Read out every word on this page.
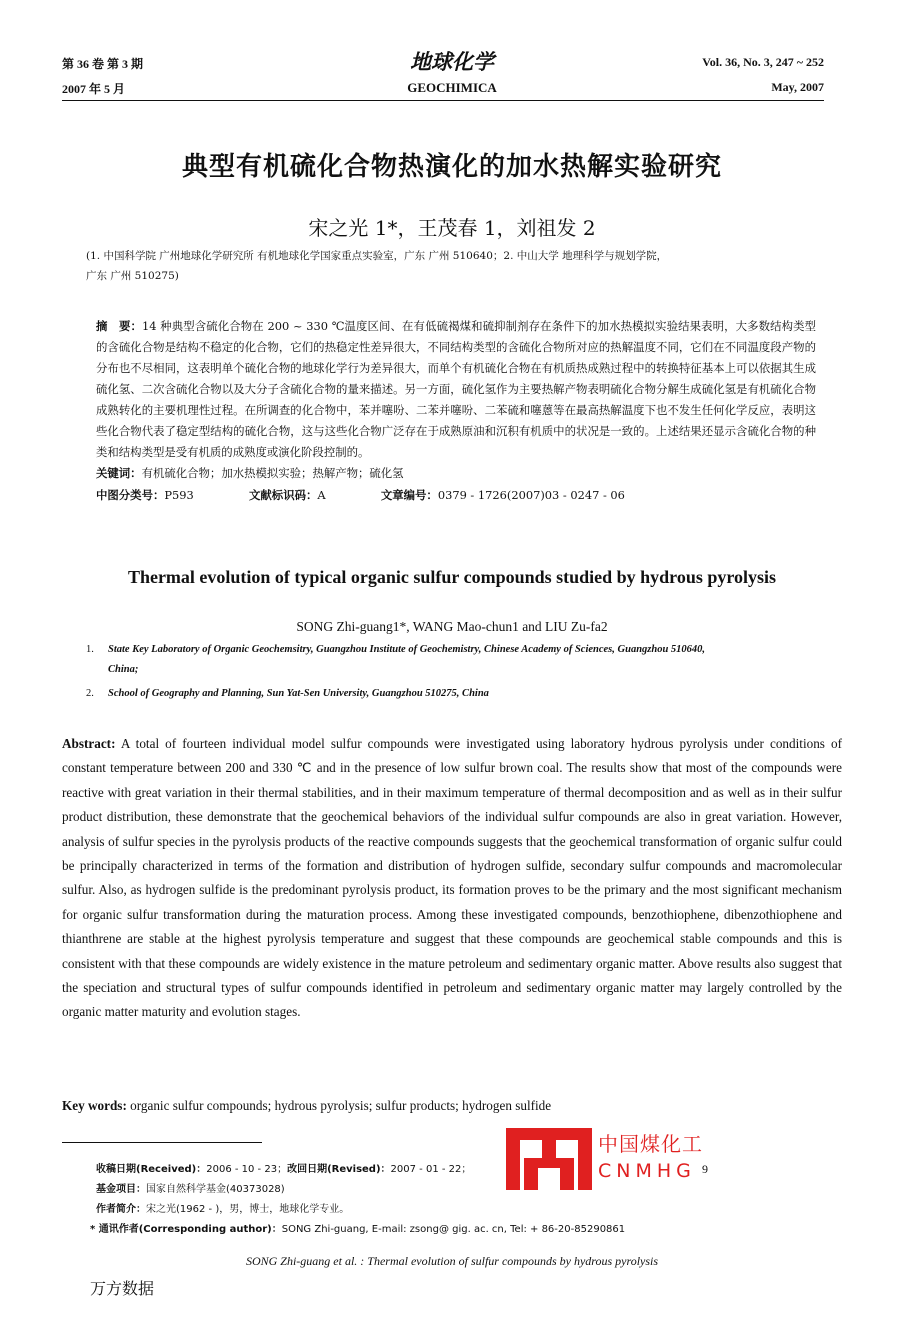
第 36 卷 第 3 期
2007 年 5 月
地球化学
GEOCHIMICA
Vol. 36, No. 3, 247 ~ 252
May, 2007
典型有机硫化合物热演化的加水热解实验研究
宋之光 1*，王茂春 1，刘祖发 2
(1. 中国科学院 广州地球化学研究所 有机地球化学国家重点实验室，广东 广州 510640；2. 中山大学 地理科学与规划学院，
广东 广州 510275)
摘　要：14 种典型含硫化合物在 200 ~ 330 ℃温度区间、在有低硫褐煤和硫抑制剂存在条件下的加水热模拟实验结果表明，大多数结构类型的含硫化合物是结构不稳定的化合物，它们的热稳定性差异很大，不同结构类型的含硫化合物所对应的热解温度不同，它们在不同温度段产物的分布也不尽相同，这表明单个硫化合物的地球化学行为差异很大，而单个有机硫化合物在有机质热成熟过程中的转换特征基本上可以依据其生成硫化氢、二次含硫化合物以及大分子含硫化合物的量来描述。另一方面，硫化氢作为主要热解产物表明硫化合物分解生成硫化氢是有机硫化合物成熟转化的主要机理性过程。在所调查的化合物中，苯并噻吩、二苯并噻吩、二苯硫和噻蒽等在最高热解温度下也不发生任何化学反应，表明这些化合物代表了稳定型结构的硫化合物，这与这些化合物广泛存在于成熟原油和沉积有机质中的状况是一致的。上述结果还显示含硫化合物的种类和结构类型是受有机质的成熟度或演化阶段控制的。
关键词：有机硫化合物；加水热模拟实验；热解产物；硫化氢
中图分类号：P593	文献标识码：A	文章编号：0379 - 1726(2007)03 - 0247 - 06
Thermal evolution of typical organic sulfur compounds studied by hydrous pyrolysis
SONG Zhi-guang1*, WANG Mao-chun1 and LIU Zu-fa2
1. State Key Laboratory of Organic Geochemsitry, Guangzhou Institute of Geochemistry, Chinese Academy of Sciences, Guangzhou 510640,
China;
2. School of Geography and Planning, Sun Yat-Sen University, Guangzhou 510275, China
Abstract: A total of fourteen individual model sulfur compounds were investigated using laboratory hydrous pyrolysis under conditions of constant temperature between 200 and 330 ℃ and in the presence of low sulfur brown coal. The results show that most of the compounds were reactive with great variation in their thermal stabilities, and in their maximum temperature of thermal decomposition and as well as in their sulfur product distribution, these demonstrate that the geochemical behaviors of the individual sulfur compounds are also in great variation. However, analysis of sulfur species in the pyrolysis products of the reactive compounds suggests that the geochemical transformation of organic sulfur could be principally characterized in terms of the formation and distribution of hydrogen sulfide, secondary sulfur compounds and macromolecular sulfur. Also, as hydrogen sulfide is the predominant pyrolysis product, its formation proves to be the primary and the most significant mechanism for organic sulfur transformation during the maturation process. Among these investigated compounds, benzothiophene, dibenzothiophene and thianthrene are stable at the highest pyrolysis temperature and suggest that these compounds are geochemical stable compounds and this is consistent with that these compounds are widely existence in the mature petroleum and sedimentary organic matter. Above results also suggest that the speciation and structural types of sulfur compounds identified in petroleum and sedimentary organic matter may largely controlled by the organic matter maturity and evolution stages.
Key words: organic sulfur compounds; hydrous pyrolysis; sulfur products; hydrogen sulfide
收稿日期(Received)：2006 - 10 - 23；改回日期(Revised)：2007 - 01 - 22；
基金项目：国家自然科学基金(40373028)
作者简介：宋之光(1962 - )，男，博士，地球化学专业。
* 通讯作者(Corresponding author)：SONG Zhi-guang, E-mail: zsong@ gig. ac. cn, Tel: + 86-20-85290861
中国煤化工
CNMHG 9
SONG Zhi-guang et al. : Thermal evolution of sulfur compounds by hydrous pyrolysis
万方数据
